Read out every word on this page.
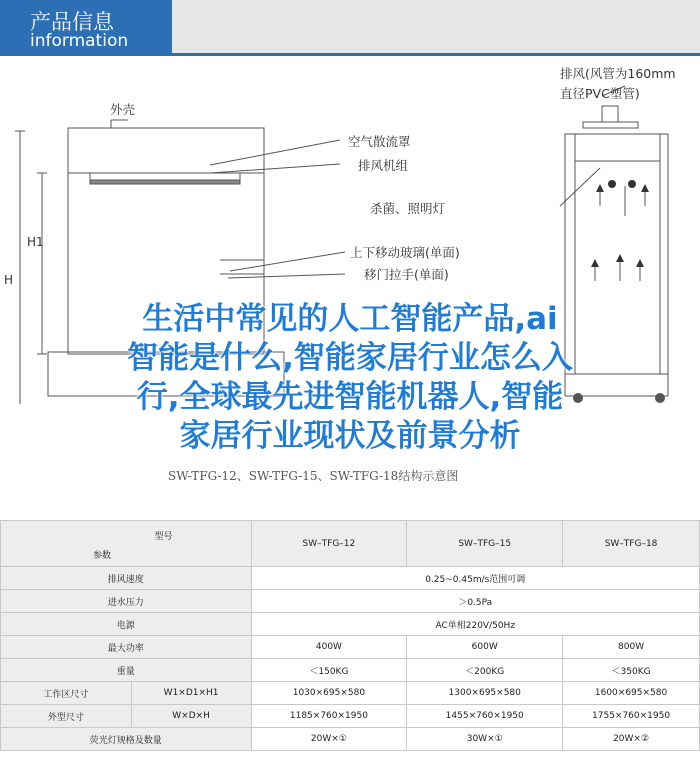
产品信息
information
外壳
空气散流罩
排风机组
杀菌、照明灯
上下移动玻璃(单面)
移门拉手(单面)
排风(风管为160mm
直径PVC塑管)
H
H1
SW-TFG-12、SW-TFG-15、SW-TFG-18结构示意图
生活中常见的人工智能产品,ai
智能是什么,智能家居行业怎么入
行,全球最先进智能机器人,智能
家居行业现状及前景分析
型号
参数		SW–TFG–12	SW–TFG–15	SW–TFG–18
排风速度		0.25~0.45m/s范围可调		
进水压力		＞0.5Pa		
电源		AC单相220V/50Hz		
最大功率		400W	600W	800W
重量		＜150KG	＜200KG	＜350KG
工作区尺寸	W1×D1×H1	1030×695×580	1300×695×580	1600×695×580
外型尺寸	W×D×H	1185×760×1950	1455×760×1950	1755×760×1950
荧光灯规格及数量		20W×①	30W×①	20W×②
